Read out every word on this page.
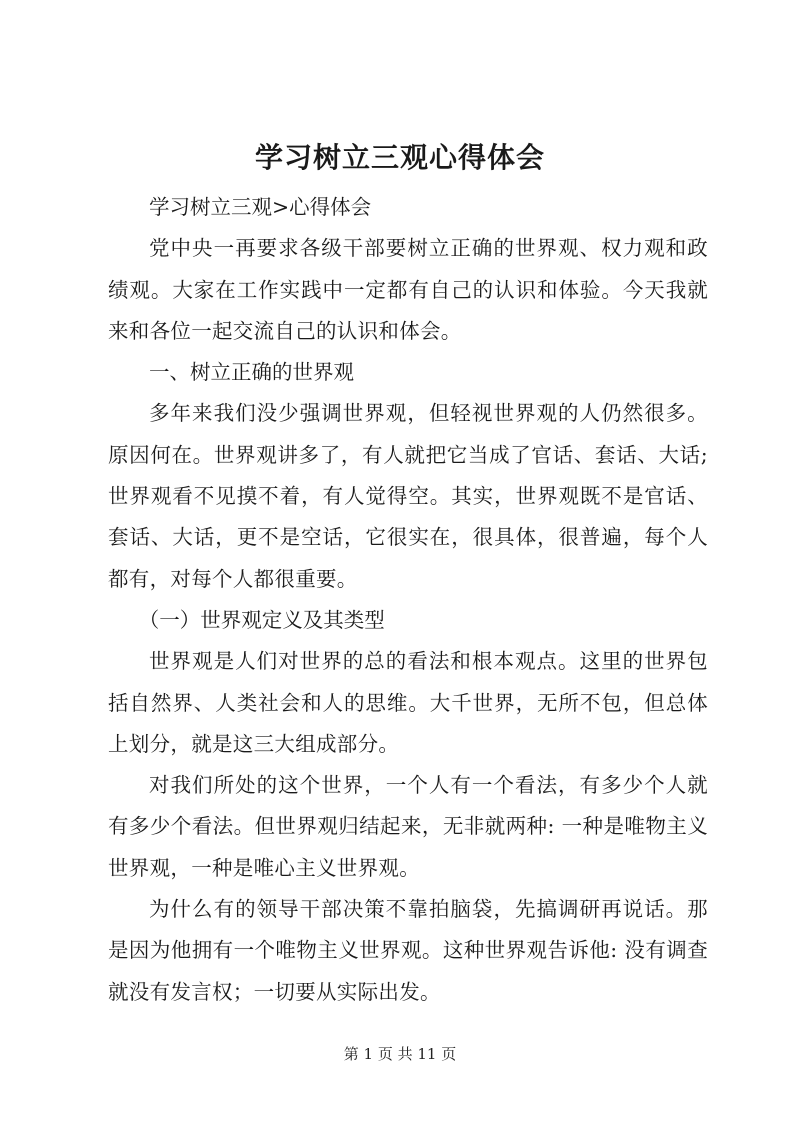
学习树立三观心得体会

学习树立三观>心得体会

党中央一再要求各级干部要树立正确的世界观、权力观和政绩观。大家在工作实践中一定都有自己的认识和体验。今天我就来和各位一起交流自己的认识和体会。

一、树立正确的世界观

多年来我们没少强调世界观，但轻视世界观的人仍然很多。原因何在。世界观讲多了，有人就把它当成了官话、套话、大话;世界观看不见摸不着，有人觉得空。其实，世界观既不是官话、套话、大话，更不是空话，它很实在，很具体，很普遍，每个人都有，对每个人都很重要。

（一）世界观定义及其类型

世界观是人们对世界的总的看法和根本观点。这里的世界包括自然界、人类社会和人的思维。大千世界，无所不包，但总体上划分，就是这三大组成部分。

对我们所处的这个世界，一个人有一个看法，有多少个人就有多少个看法。但世界观归结起来，无非就两种: 一种是唯物主义世界观，一种是唯心主义世界观。

为什么有的领导干部决策不靠拍脑袋，先搞调研再说话。那是因为他拥有一个唯物主义世界观。这种世界观告诉他: 没有调查就没有发言权；一切要从实际出发。

第 1 页 共 11 页
